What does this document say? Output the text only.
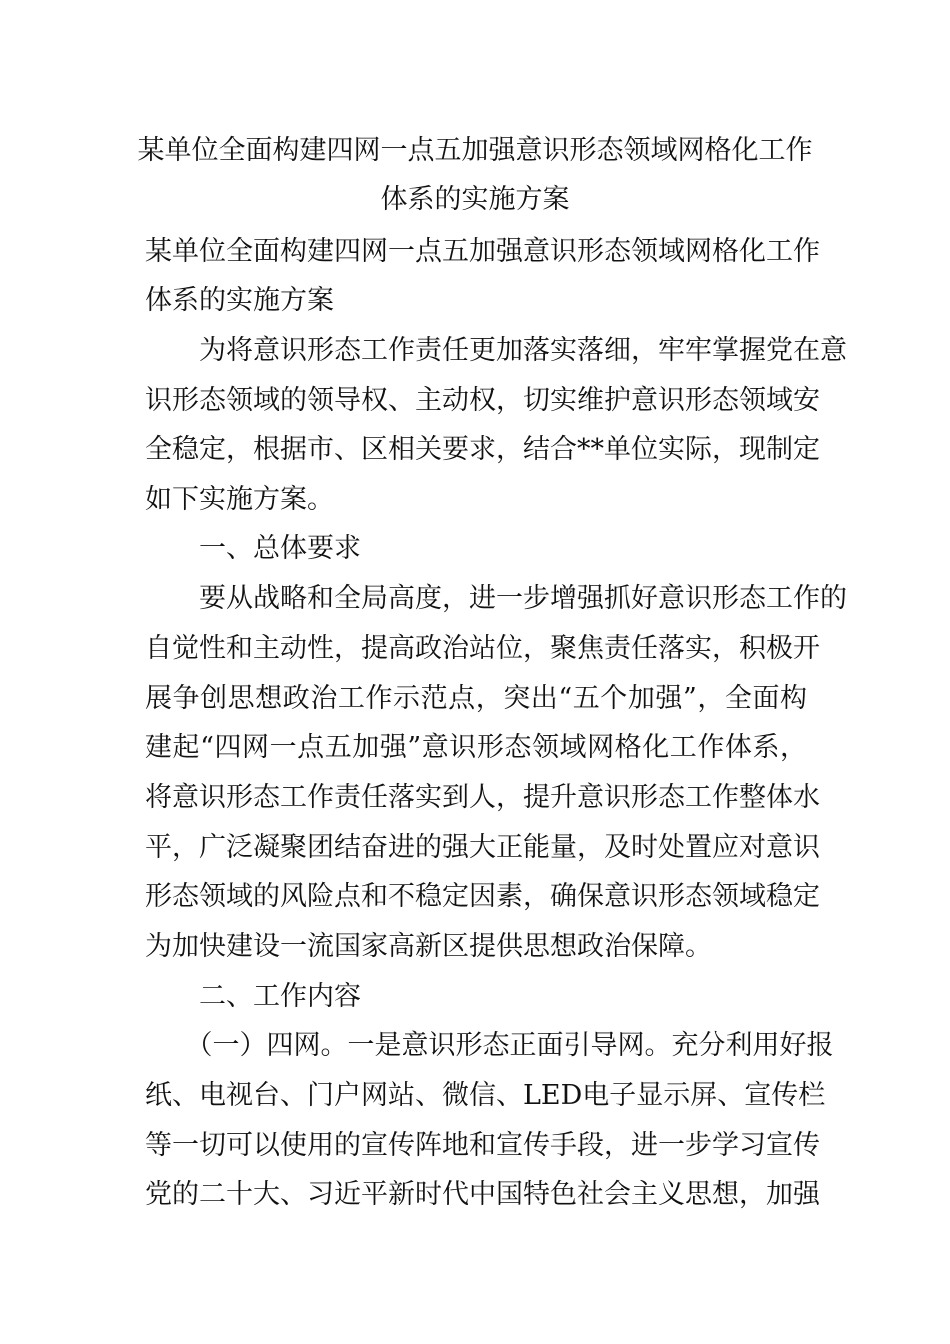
某单位全面构建四网一点五加强意识形态领域网格化工作
体系的实施方案
某单位全面构建四网一点五加强意识形态领域网格化工作
体系的实施方案
　　为将意识形态工作责任更加落实落细，牢牢掌握党在意
识形态领域的领导权、主动权，切实维护意识形态领域安
全稳定，根据市、区相关要求，结合**单位实际，现制定
如下实施方案。
　　一、总体要求
　　要从战略和全局高度，进一步增强抓好意识形态工作的
自觉性和主动性，提高政治站位，聚焦责任落实，积极开
展争创思想政治工作示范点，突出“五个加强”，全面构
建起“四网一点五加强”意识形态领域网格化工作体系，
将意识形态工作责任落实到人，提升意识形态工作整体水
平，广泛凝聚团结奋进的强大正能量，及时处置应对意识
形态领域的风险点和不稳定因素，确保意识形态领域稳定
为加快建设一流国家高新区提供思想政治保障。
　　二、工作内容
　　（一）四网。一是意识形态正面引导网。充分利用好报
纸、电视台、门户网站、微信、LED电子显示屏、宣传栏
等一切可以使用的宣传阵地和宣传手段，进一步学习宣传
党的二十大、习近平新时代中国特色社会主义思想，加强
